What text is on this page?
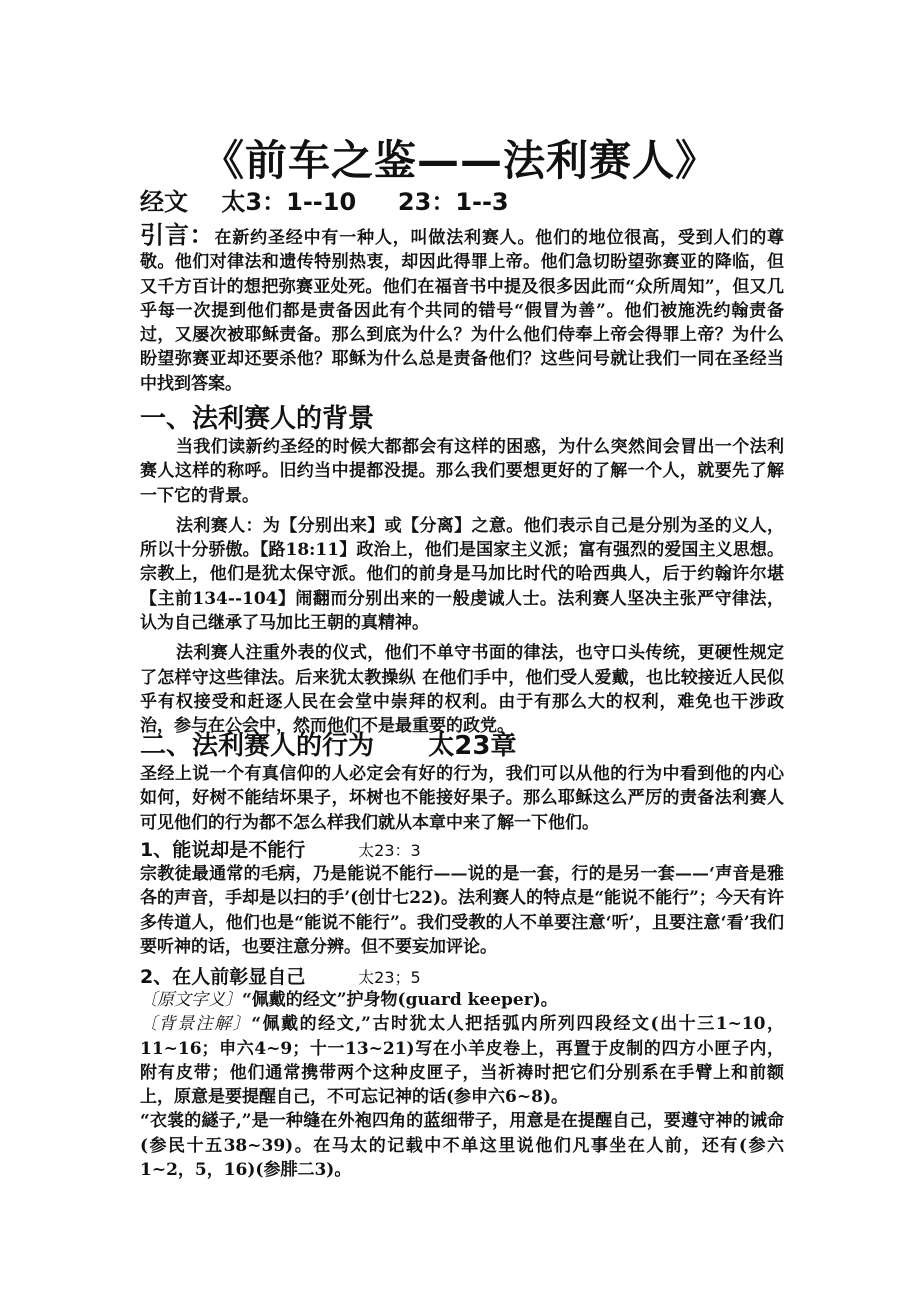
《前车之鉴——法利赛人》
经文    太3：1--10     23：1--3

引言：在新约圣经中有一种人，叫做法利赛人。他们的地位很高，受到人们的尊敬。他们对律法和遗传特别热衷，却因此得罪上帝。他们急切盼望弥赛亚的降临，但又千方百计的想把弥赛亚处死。他们在福音书中提及很多因此而“众所周知”，但又几乎每一次提到他们都是责备因此有个共同的错号“假冒为善”。他们被施洗约翰责备过，又屡次被耶稣责备。那么到底为什么？为什么他们侍奉上帝会得罪上帝？为什么盼望弥赛亚却还要杀他？耶稣为什么总是责备他们？这些问号就让我们一同在圣经当中找到答案。

一、法利赛人的背景

当我们读新约圣经的时候大都都会有这样的困惑，为什么突然间会冒出一个法利赛人这样的称呼。旧约当中提都没提。那么我们要想更好的了解一个人，就要先了解一下它的背景。

法利赛人：为【分别出来】或【分离】之意。他们表示自己是分别为圣的义人，所以十分骄傲。【路18:11】政治上，他们是国家主义派；富有强烈的爱国主义思想。宗教上，他们是犹太保守派。他们的前身是马加比时代的哈西典人，后于约翰许尔堪【主前134--104】闹翻而分别出来的一般虔诚人士。法利赛人坚决主张严守律法，认为自己继承了马加比王朝的真精神。

法利赛人注重外表的仪式，他们不单守书面的律法，也守口头传统，更硬性规定了怎样守这些律法。后来犹太教操纵 在他们手中，他们受人爱戴，也比较接近人民似乎有权接受和赶逐人民在会堂中崇拜的权利。由于有那么大的权利，难免也干涉政治，参与在公会中，然而他们不是最重要的政党。

二、法利赛人的行为      太23章

圣经上说一个有真信仰的人必定会有好的行为，我们可以从他的行为中看到他的内心如何，好树不能结坏果子，坏树也不能接好果子。那么耶稣这么严厉的责备法利赛人可见他们的行为都不怎么样我们就从本章中来了解一下他们。

1、能说却是不能行	太23：3

宗教徒最通常的毛病，乃是能说不能行——说的是一套，行的是另一套——‘声音是雅各的声音，手却是以扫的手’(创廿七22)。法利赛人的特点是“能说不能行”；今天有许多传道人，他们也是“能说不能行”。我们受教的人不单要注意‘听’，且要注意‘看’我们要听神的话，也要注意分辨。但不要妄加评论。

2、在人前彰显自己	太23；5

〔原文字义〕“佩戴的经文”护身物(guard keeper)。

〔背景注解〕“佩戴的经文,”古时犹太人把括弧内所列四段经文(出十三1~10，11~16；申六4~9；十一13~21)写在小羊皮卷上，再置于皮制的四方小匣子内，附有皮带；他们通常携带两个这种皮匣子，当祈祷时把它们分别系在手臂上和前额上，原意是要提醒自己，不可忘记神的话(参申六6~8)。

“衣裳的繸子,”是一种缝在外袍四角的蓝细带子，用意是在提醒自己，要遵守神的诫命(参民十五38~39)。在马太的记载中不单这里说他们凡事坐在人前，还有(参六1~2，5，16)(参腓二3)。
